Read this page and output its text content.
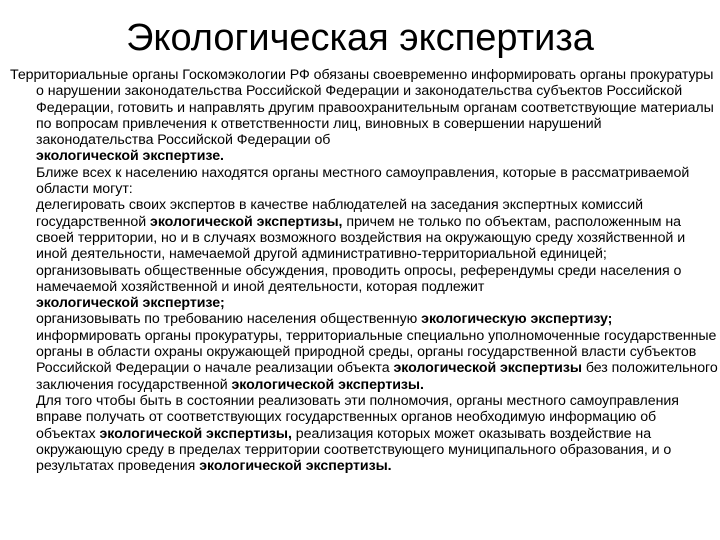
Экологическая экспертиза
Территориальные органы Госкомэкологии РФ обязаны своевременно информировать органы прокуратуры о нарушении законодательства Российской Федерации и законодательства субъектов Российской Федерации, готовить и направлять другим правоохранительным органам соответствующие материалы по вопросам привлечения к ответственности лиц, виновных в совершении нарушений законодательства Российской Федерации об
экологической экспертизе.
Ближе всех к населению находятся органы местного самоуправления, которые в рассматриваемой области могут:
делегировать своих экспертов в качестве наблюдателей на заседания экспертных комиссий государственной экологической экспертизы, причем не только по объектам, расположенным на своей территории, но и в случаях возможного воздействия на окружающую среду хозяйственной и иной деятельности, намечаемой другой административно-территориальной единицей;
организовывать общественные обсуждения, проводить опросы, референдумы среди населения о намечаемой хозяйственной и иной деятельности, которая подлежит
экологической экспертизе;
организовывать по требованию населения общественную экологическую экспертизу;
информировать органы прокуратуры, территориальные специально уполномоченные государственные органы в области охраны окружающей природной среды, органы государственной власти субъектов Российской Федерации о начале реализации объекта экологической экспертизы без положительного заключения государственной экологической экспертизы.
Для того чтобы быть в состоянии реализовать эти полномочия, органы местного самоуправления вправе получать от соответствующих государственных органов необходимую информацию об объектах экологической экспертизы, реализация которых может оказывать воздействие на окружающую среду в пределах территории соответствующего муниципального образования, и о результатах проведения экологической экспертизы.
